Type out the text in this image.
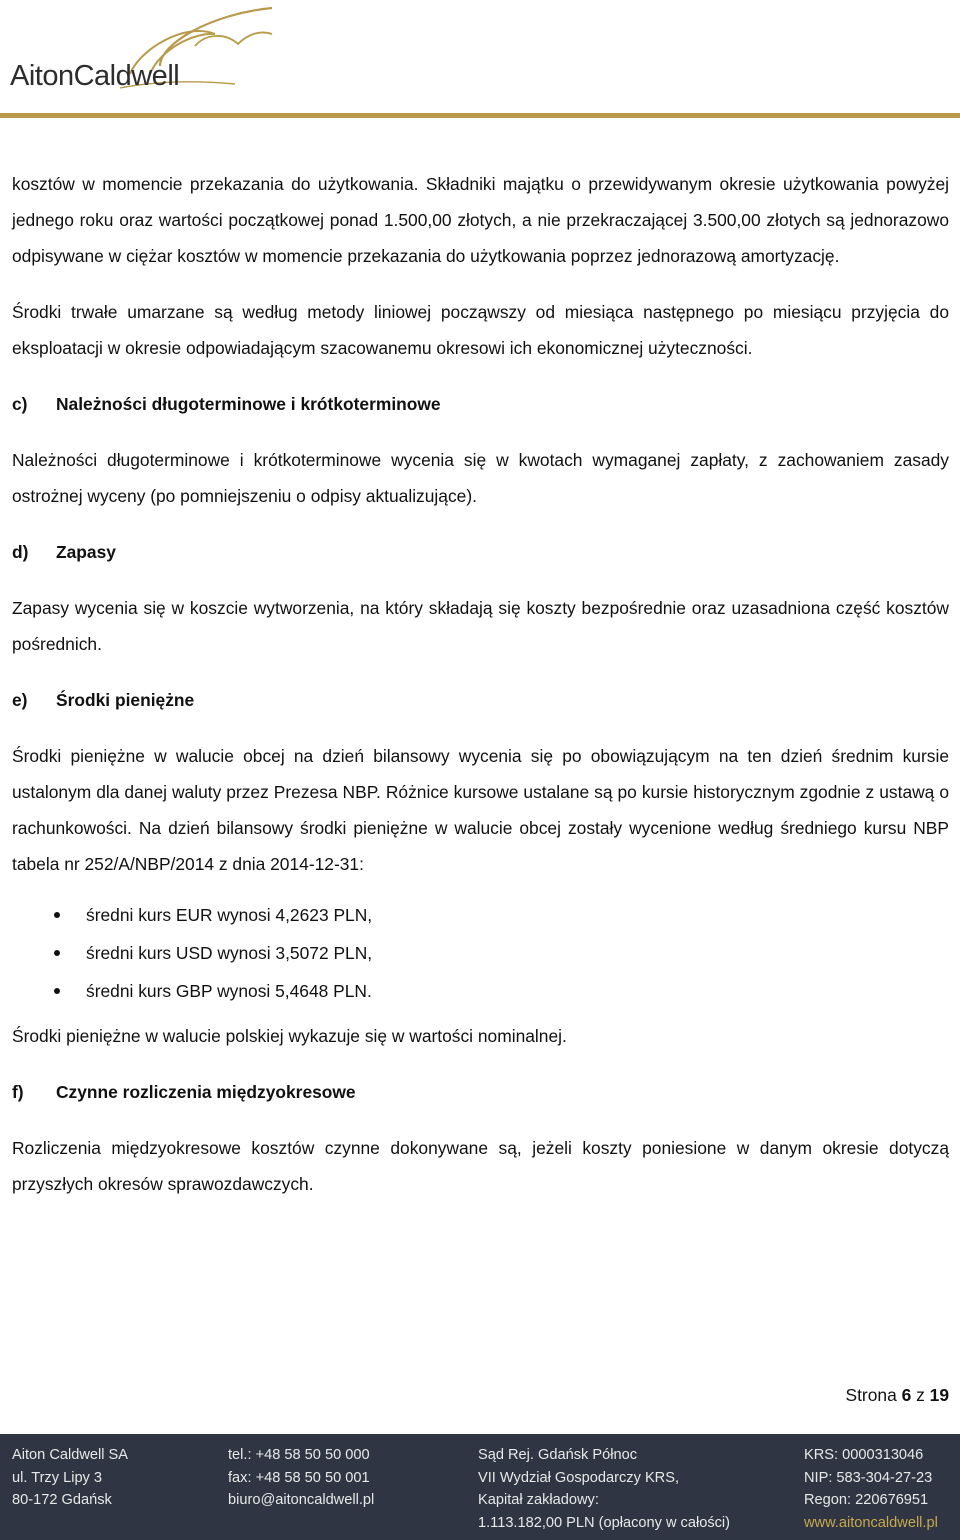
AitonCaldwell

kosztów w momencie przekazania do użytkowania. Składniki majątku o przewidywanym okresie użytkowania powyżej jednego roku oraz wartości początkowej ponad 1.500,00 złotych, a nie przekraczającej 3.500,00 złotych są jednorazowo odpisywane w ciężar kosztów w momencie przekazania do użytkowania poprzez jednorazową amortyzację.

Środki trwałe umarzane są według metody liniowej począwszy od miesiąca następnego po miesiącu przyjęcia do eksploatacji w okresie odpowiadającym szacowanemu okresowi ich ekonomicznej użyteczności.

c)	Należności długoterminowe i krótkoterminowe

Należności długoterminowe i krótkoterminowe wycenia się w kwotach wymaganej zapłaty, z zachowaniem zasady ostrożnej wyceny (po pomniejszeniu o odpisy aktualizujące).

d)	Zapasy

Zapasy wycenia się w koszcie wytworzenia, na który składają się koszty bezpośrednie oraz uzasadniona część kosztów pośrednich.

e)	Środki pieniężne

Środki pieniężne w walucie obcej na dzień bilansowy wycenia się po obowiązującym na ten dzień średnim kursie ustalonym dla danej waluty przez Prezesa NBP. Różnice kursowe ustalane są po kursie historycznym zgodnie z ustawą o rachunkowości. Na dzień bilansowy środki pieniężne w walucie obcej zostały wycenione według średniego kursu NBP tabela nr 252/A/NBP/2014 z dnia 2014-12-31:

średni kurs EUR wynosi 4,2623 PLN,
średni kurs USD wynosi 3,5072 PLN,
średni kurs GBP wynosi 5,4648 PLN.

Środki pieniężne w walucie polskiej wykazuje się w wartości nominalnej.

f)	Czynne rozliczenia międzyokresowe

Rozliczenia międzyokresowe kosztów czynne dokonywane są, jeżeli koszty poniesione w danym okresie dotyczą przyszłych okresów sprawozdawczych.

Strona 6 z 19
Aiton Caldwell SA
ul. Trzy Lipy 3
80-172 Gdańsk
tel.: +48 58 50 50 000
fax: +48 58 50 50 001
biuro@aitoncaldwell.pl
Sąd Rej. Gdańsk Północ
VII Wydział Gospodarczy KRS,
Kapitał zakładowy:
1.113.182,00 PLN (opłacony w całości)
KRS: 0000313046
NIP: 583-304-27-23
Regon: 220676951
www.aitoncaldwell.pl
